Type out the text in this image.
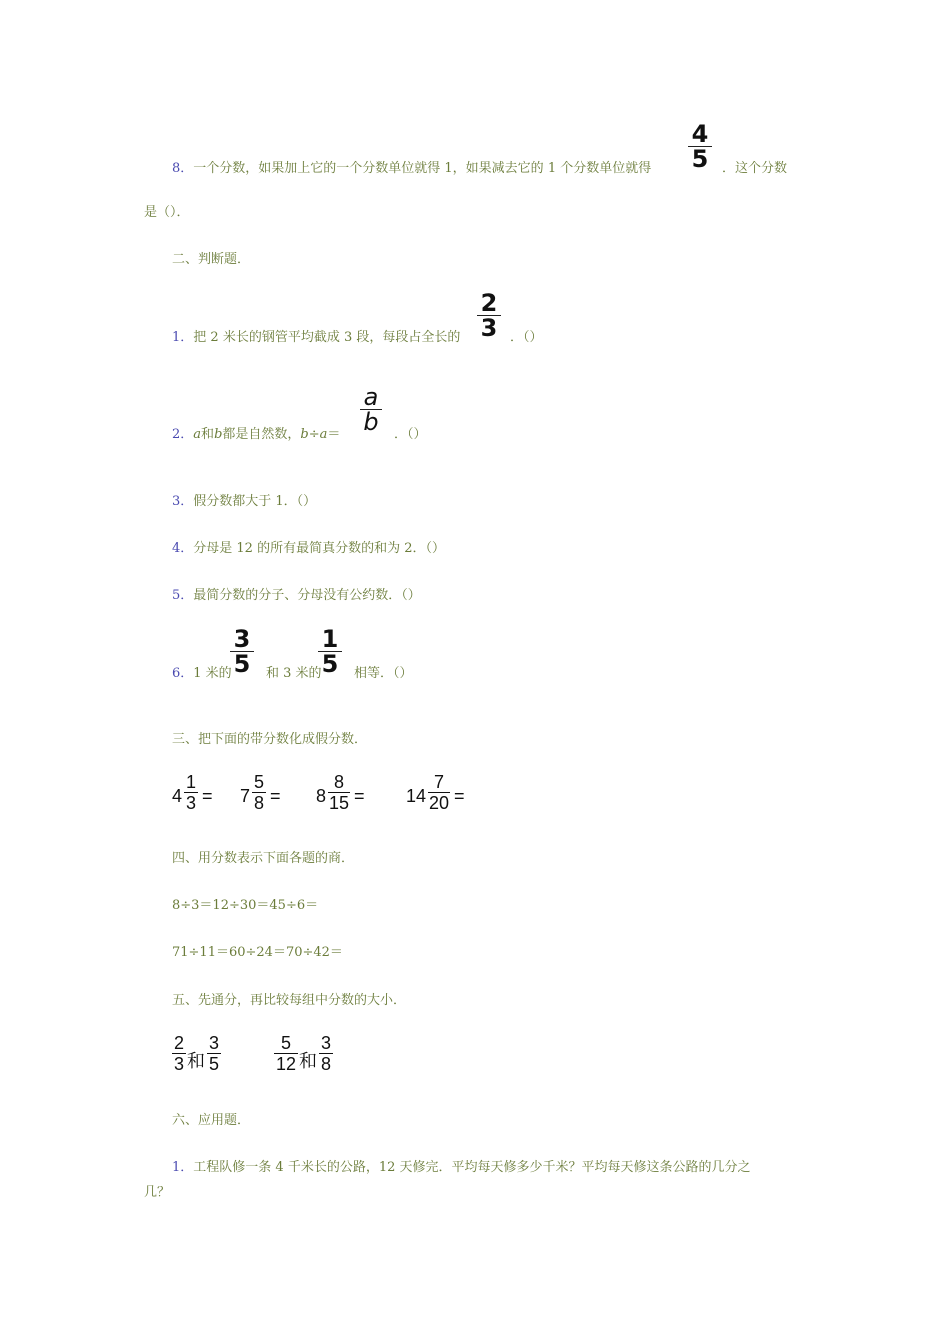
8．一个分数，如果加上它的一个分数单位就得 1，如果减去它的 1 个分数单位就得
4
5 ．这个分数
是（）．
二、判断题．
1．把 2 米长的钢管平均截成 3 段，每段占全长的
2
3 ．（）
2．a和b都是自然数，b÷a＝
a
b ．（）
3．假分数都大于 1．（）
4．分母是 12 的所有最简真分数的和为 2．（）
5．最简分数的分子、分母没有公约数．（）
6．1 米的
3
5 和 3 米的
1
5 相等．（）
三、把下面的带分数化成假分数．
4
1
3 = 7
5
8 = 8
8
15 = 14
7
20 =
四、用分数表示下面各题的商．
8÷3＝12÷30＝45÷6＝
71÷11＝60÷24＝70÷42＝
五、先通分，再比较每组中分数的大小．
2
3 和
3
5
5
12 和
3
8
六、应用题．
1．工程队修一条 4 千米长的公路，12 天修完．平均每天修多少千米？平均每天修这条公路的几分之
几？
